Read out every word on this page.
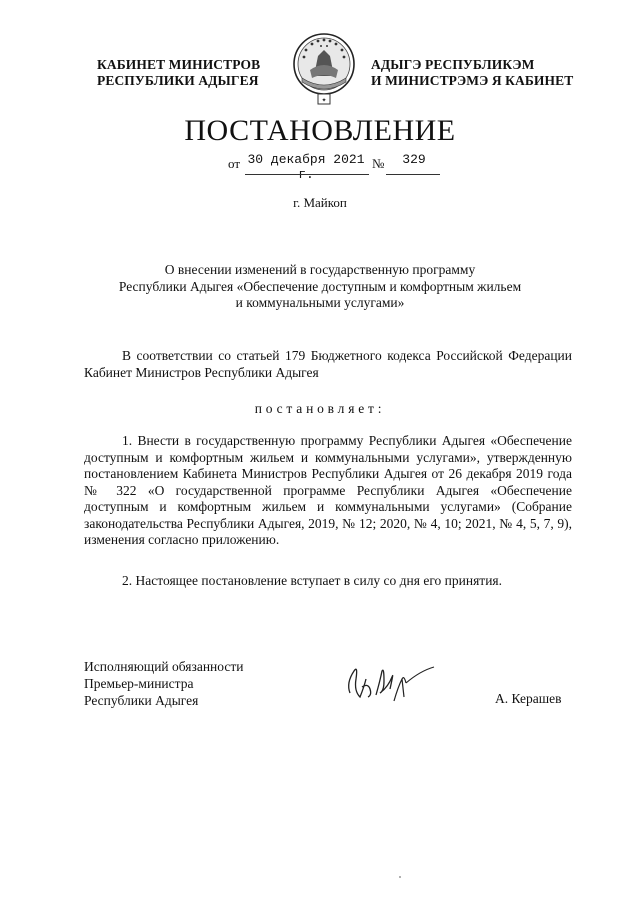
КАБИНЕТ МИНИСТРОВ
РЕСПУБЛИКИ АДЫГЕЯ
✦
АДЫГЭ РЕСПУБЛИКЭМ
И МИНИСТРЭМЭ Я КАБИНЕТ
ПОСТАНОВЛЕНИЕ
от 30 декабря 2021 г.
№	329
г. Майкоп
О внесении изменений в государственную программу
Республики Адыгея «Обеспечение доступным и комфортным жильем
и коммунальными услугами»
В соответствии со статьей 179 Бюджетного кодекса Российской Федерации Кабинет Министров Республики Адыгея
постановляет:
1. Внести в государственную программу Республики Адыгея «Обеспечение доступным и комфортным жильем и коммунальными услугами», утвержденную постановлением Кабинета Министров Республики Адыгея от 26 декабря 2019 года № 322 «О государственной программе Республики Адыгея «Обеспечение доступным и комфортным жильем и коммунальными услугами» (Собрание законодательства Республики Адыгея, 2019, № 12; 2020, № 4, 10; 2021, № 4, 5, 7, 9), изменения согласно приложению.
2. Настоящее постановление вступает в силу со дня его принятия.
Исполняющий обязанности
Премьер-министра
Республики Адыгея	А. Керашев
